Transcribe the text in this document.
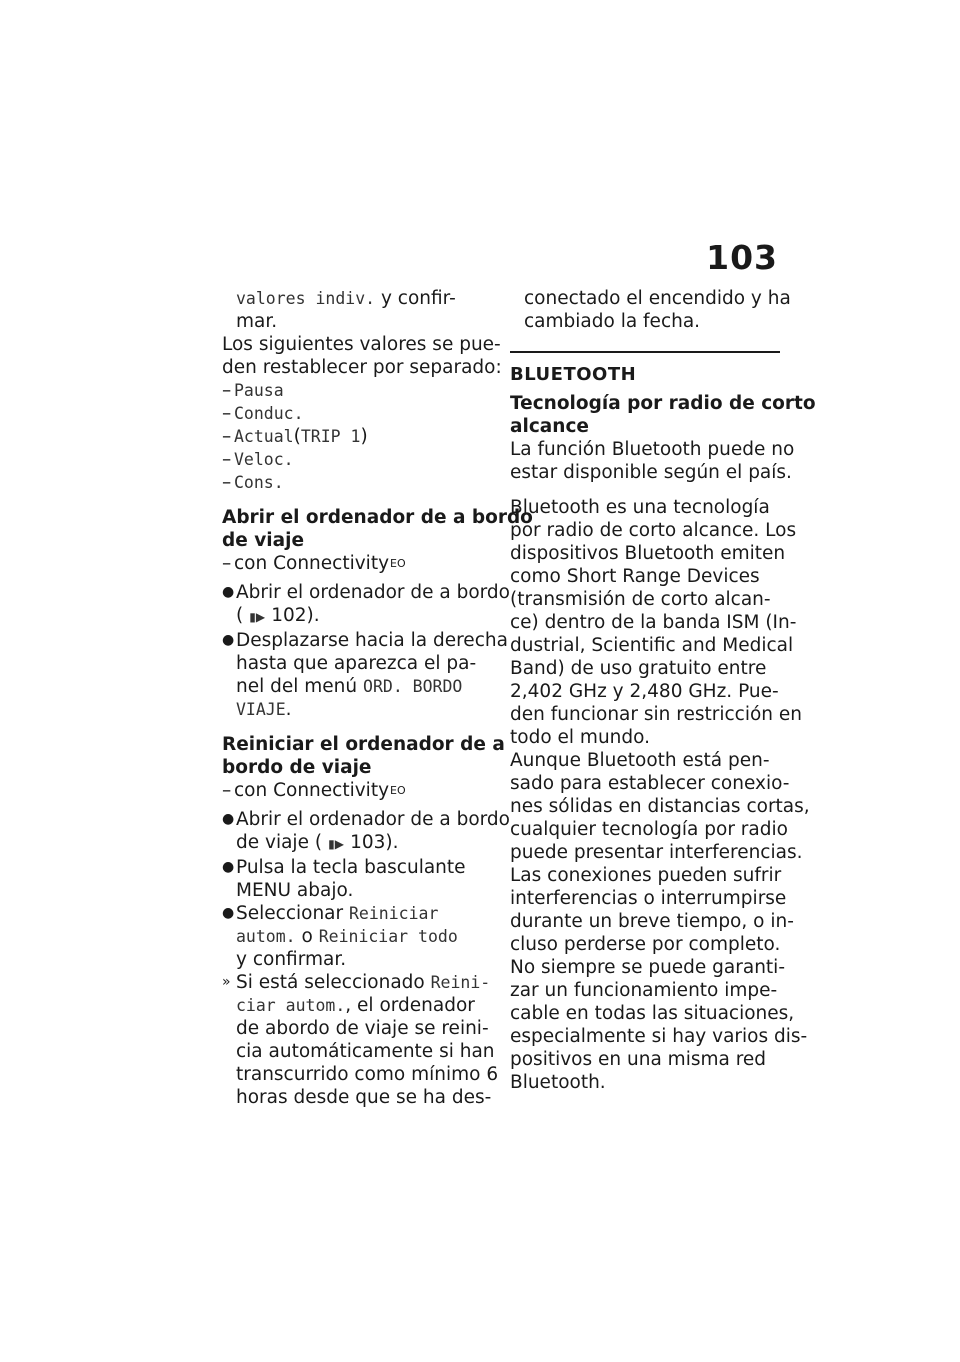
103
valores indiv. y confir-
mar.
Los siguientes valores se pue-
den restablecer por separado:
– Pausa
– Conduc.
– Actual ( TRIP 1 )
– Veloc.
– Cons.
Abrir el ordenador de a bordo
de viaje
– con Connectivity EO
● Abrir el ordenador de a bordo
( ▮▶ 102).
● Desplazarse hacia la derecha
hasta que aparezca el pa-
nel del menú ORD. BORDO
VIAJE.
Reiniciar el ordenador de a
bordo de viaje
– con Connectivity EO
● Abrir el ordenador de a bordo
de viaje ( ▮▶ 103).
● Pulsa la tecla basculante
MENU abajo.
● Seleccionar Reiniciar
autom. o Reiniciar todo
y confirmar.
» Si está seleccionado Reini-
ciar autom., el ordenador
de abordo de viaje se reini-
cia automáticamente si han
transcurrido como mínimo 6
horas desde que se ha des-
conectado el encendido y ha
cambiado la fecha.
BLUETOOTH
Tecnología por radio de corto
alcance
La función Bluetooth puede no
estar disponible según el país.
Bluetooth es una tecnología
por radio de corto alcance. Los
dispositivos Bluetooth emiten
como Short Range Devices
(transmisión de corto alcan-
ce) dentro de la banda ISM (In-
dustrial, Scientific and Medical
Band) de uso gratuito entre
2,402 GHz y 2,480 GHz. Pue-
den funcionar sin restricción en
todo el mundo.
Aunque Bluetooth está pen-
sado para establecer conexio-
nes sólidas en distancias cortas,
cualquier tecnología por radio
puede presentar interferencias.
Las conexiones pueden sufrir
interferencias o interrumpirse
durante un breve tiempo, o in-
cluso perderse por completo.
No siempre se puede garanti-
zar un funcionamiento impe-
cable en todas las situaciones,
especialmente si hay varios dis-
positivos en una misma red
Bluetooth.
